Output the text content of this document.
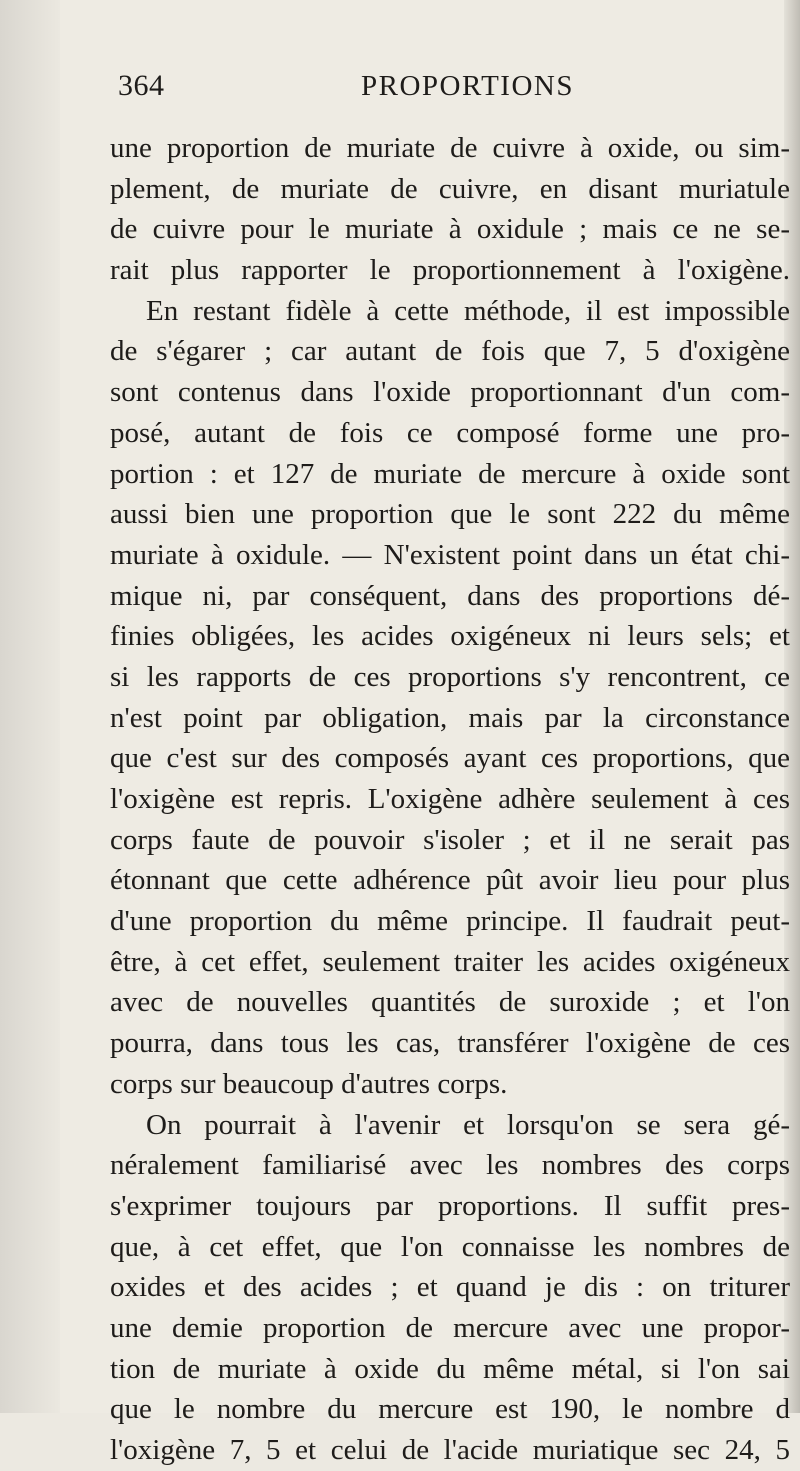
364	PROPORTIONS
une proportion de muriate de cuivre à oxide, ou sim-
plement, de muriate de cuivre, en disant muriatule
de cuivre pour le muriate à oxidule ; mais ce ne se-
rait plus rapporter le proportionnement à l'oxigène.
En restant fidèle à cette méthode, il est impossible
de s'égarer ; car autant de fois que 7, 5 d'oxigène
sont contenus dans l'oxide proportionnant d'un com-
posé, autant de fois ce composé forme une pro-
portion : et 127 de muriate de mercure à oxide sont
aussi bien une proportion que le sont 222 du même
muriate à oxidule. — N'existent point dans un état chi-
mique ni, par conséquent, dans des proportions dé-
finies obligées, les acides oxigéneux ni leurs sels; et
si les rapports de ces proportions s'y rencontrent, ce
n'est point par obligation, mais par la circonstance
que c'est sur des composés ayant ces proportions, que
l'oxigène est repris. L'oxigène adhère seulement à ces
corps faute de pouvoir s'isoler ; et il ne serait pas
étonnant que cette adhérence pût avoir lieu pour plus
d'une proportion du même principe. Il faudrait peut-
être, à cet effet, seulement traiter les acides oxigéneux
avec de nouvelles quantités de suroxide ; et l'on
pourra, dans tous les cas, transférer l'oxigène de ces
corps sur beaucoup d'autres corps.
On pourrait à l'avenir et lorsqu'on se sera gé-
néralement familiarisé avec les nombres des corps
s'exprimer toujours par proportions. Il suffit pres-
que, à cet effet, que l'on connaisse les nombres de
oxides et des acides ; et quand je dis : on triturer
une demie proportion de mercure avec une propor-
tion de muriate à oxide du même métal, si l'on sai
que le nombre du mercure est 190, le nombre d
l'oxigène 7, 5 et celui de l'acide muriatique sec 24, 5
